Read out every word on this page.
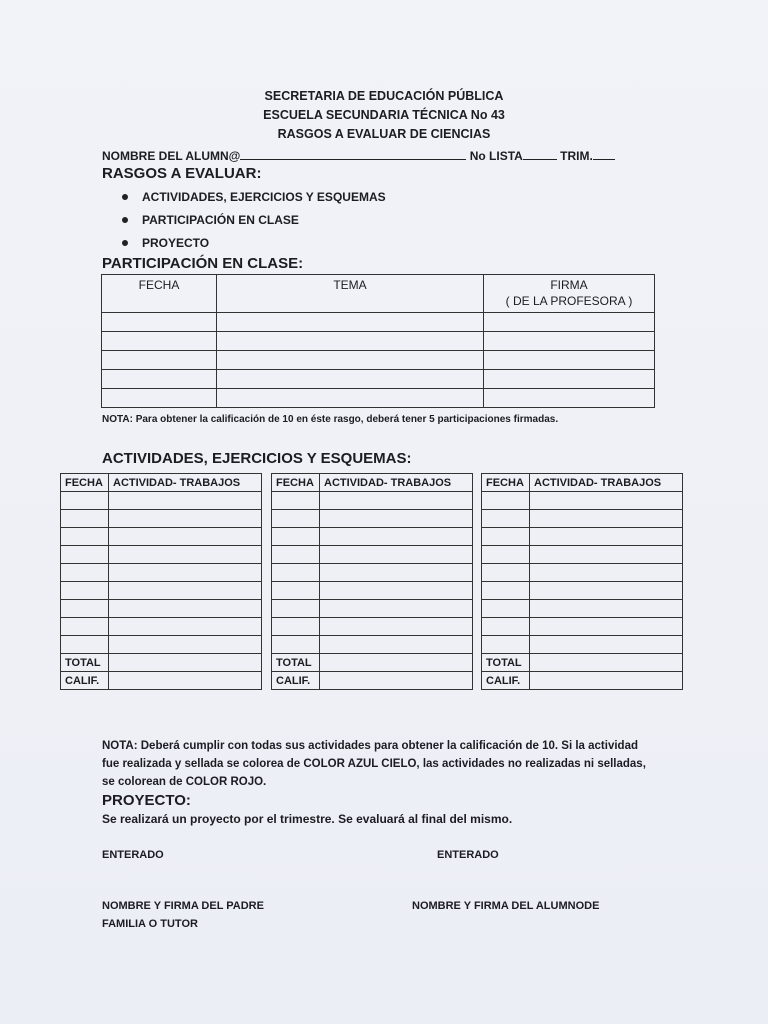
SECRETARIA DE EDUCACIÓN PÚBLICA
ESCUELA SECUNDARIA TÉCNICA No 43
RASGOS A EVALUAR DE CIENCIAS
NOMBRE DEL ALUMN@	No LISTA	TRIM.
RASGOS A EVALUAR:
ACTIVIDADES, EJERCICIOS Y ESQUEMAS
PARTICIPACIÓN EN CLASE
PROYECTO
PARTICIPACIÓN EN CLASE:
FECHA	TEMA	FIRMA
( DE LA PROFESORA )

NOTA: Para obtener la calificación de 10 en éste rasgo, deberá tener 5 participaciones firmadas.
ACTIVIDADES, EJERCICIOS Y ESQUEMAS:
FECHA	ACTIVIDAD- TRABAJOS

TOTAL	
CALIF.	
FECHA	ACTIVIDAD- TRABAJOS

TOTAL	
CALIF.	
FECHA	ACTIVIDAD- TRABAJOS

TOTAL	
CALIF.	
NOTA: Deberá cumplir con todas sus actividades para obtener la calificación de 10. Si la actividad
fue realizada y sellada se colorea de COLOR AZUL CIELO, las actividades no realizadas ni selladas,
se colorean de COLOR ROJO.
PROYECTO:
Se realizará un proyecto por el trimestre. Se evaluará al final del mismo.
ENTERADO	ENTERADO
NOMBRE Y FIRMA DEL PADRE
FAMILIA O TUTOR
NOMBRE Y FIRMA DEL ALUMNODE
